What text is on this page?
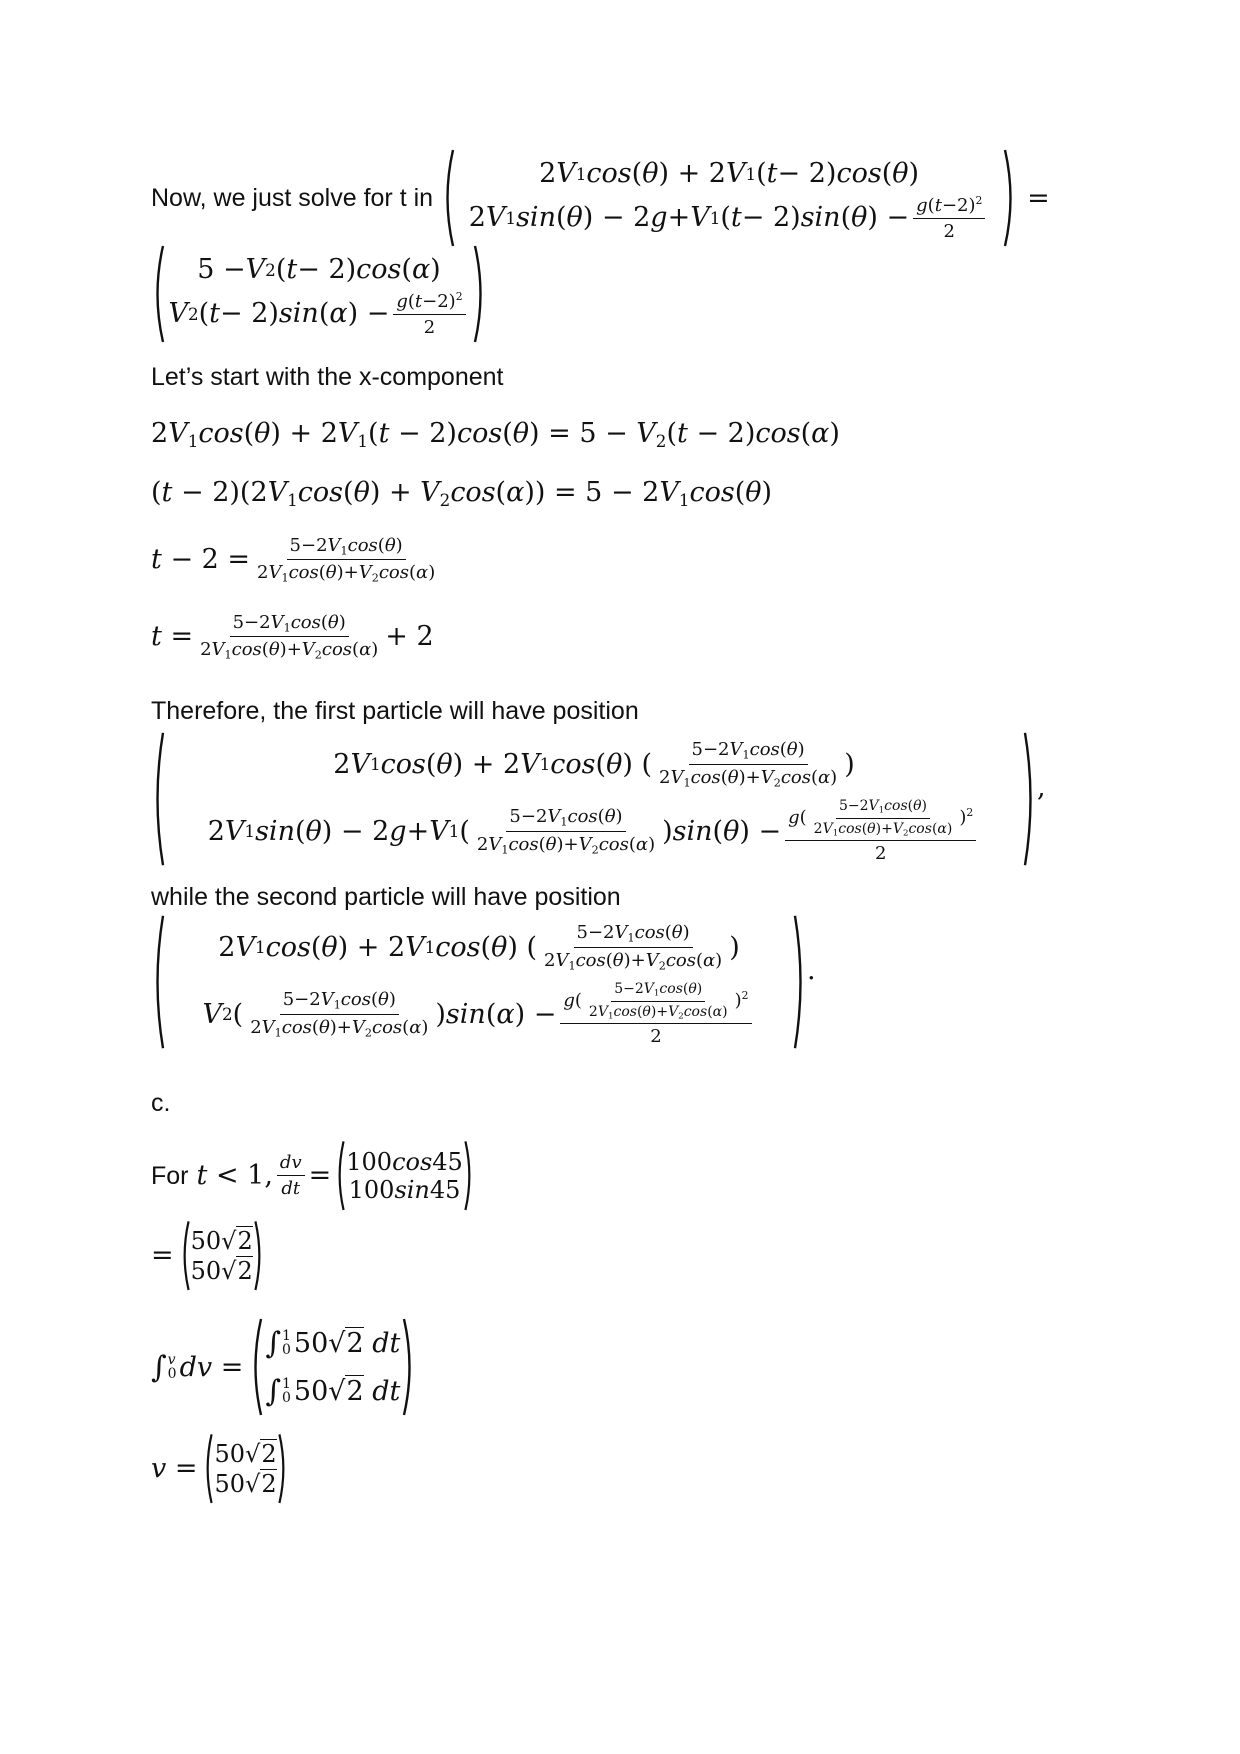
Now, we just solve for t in
2 V 1 cos ( θ ) + 2 V 1 ( t − 2) cos ( θ )
2 V 1 sin ( θ ) − 2 g + V 1 ( t − 2) sin ( θ ) − $\frac{g(t-2)^2}{2}$ =
5 − V 2 ( t − 2) cos ( α )
V 2 ( t − 2) sin ( α ) − $\frac{g(t-2)^2}{2}$
Let’s start with the x-component
$2V_1\cos(\theta) + 2V_1(t - 2)\cos(\theta) = 5 - V_2(t - 2)\cos(\alpha)$
$(t - 2)(2V_1\cos(\theta) + V_2\cos(\alpha)) = 5 - 2V_1\cos(\theta)$
$t - 2 = \frac{5-2V_1\cos(\theta)}{2V_1\cos(\theta)+V_2\cos(\alpha)}$
$t = \frac{5-2V_1\cos(\theta)}{2V_1\cos(\theta)+V_2\cos(\alpha)} + 2$
Therefore, the first particle will have position
2 V 1 cos ( θ ) + 2 V 1 cos ( θ ) ( $\frac{5-2V_1\cos(\theta)}{2V_1\cos(\theta)+V_2\cos(\alpha)}$ )
2 V 1 sin ( θ ) − 2 g + V 1 ( $\frac{5-2V_1\cos(\theta)}{2V_1\cos(\theta)+V_2\cos(\alpha)}$ ) sin ( θ ) − $\frac{g( \frac{5-2V_1\cos(\theta)}{2V_1\cos(\theta)+V_2\cos(\alpha)} )^2}{2}$
,
while the second particle will have position
2 V 1 cos ( θ ) + 2 V 1 cos ( θ ) ( $\frac{5-2V_1\cos(\theta)}{2V_1\cos(\theta)+V_2\cos(\alpha)}$ )
V 2 ( $\frac{5-2V_1\cos(\theta)}{2V_1\cos(\theta)+V_2\cos(\alpha)}$ ) sin ( α ) − $\frac{g( \frac{5-2V_1\cos(\theta)}{2V_1\cos(\theta)+V_2\cos(\alpha)} )^2}{2}$
.
c.
For t < 1, $\frac{dv}{dt} = 100$ cos 45
100 sin 45
= 50√ 2
50√ 2
∫ v
0 dv =
∫ 1
0 50√ 2
dt
∫ 1
0 50√ 2
dt
v = 50√ 2
50√ 2
